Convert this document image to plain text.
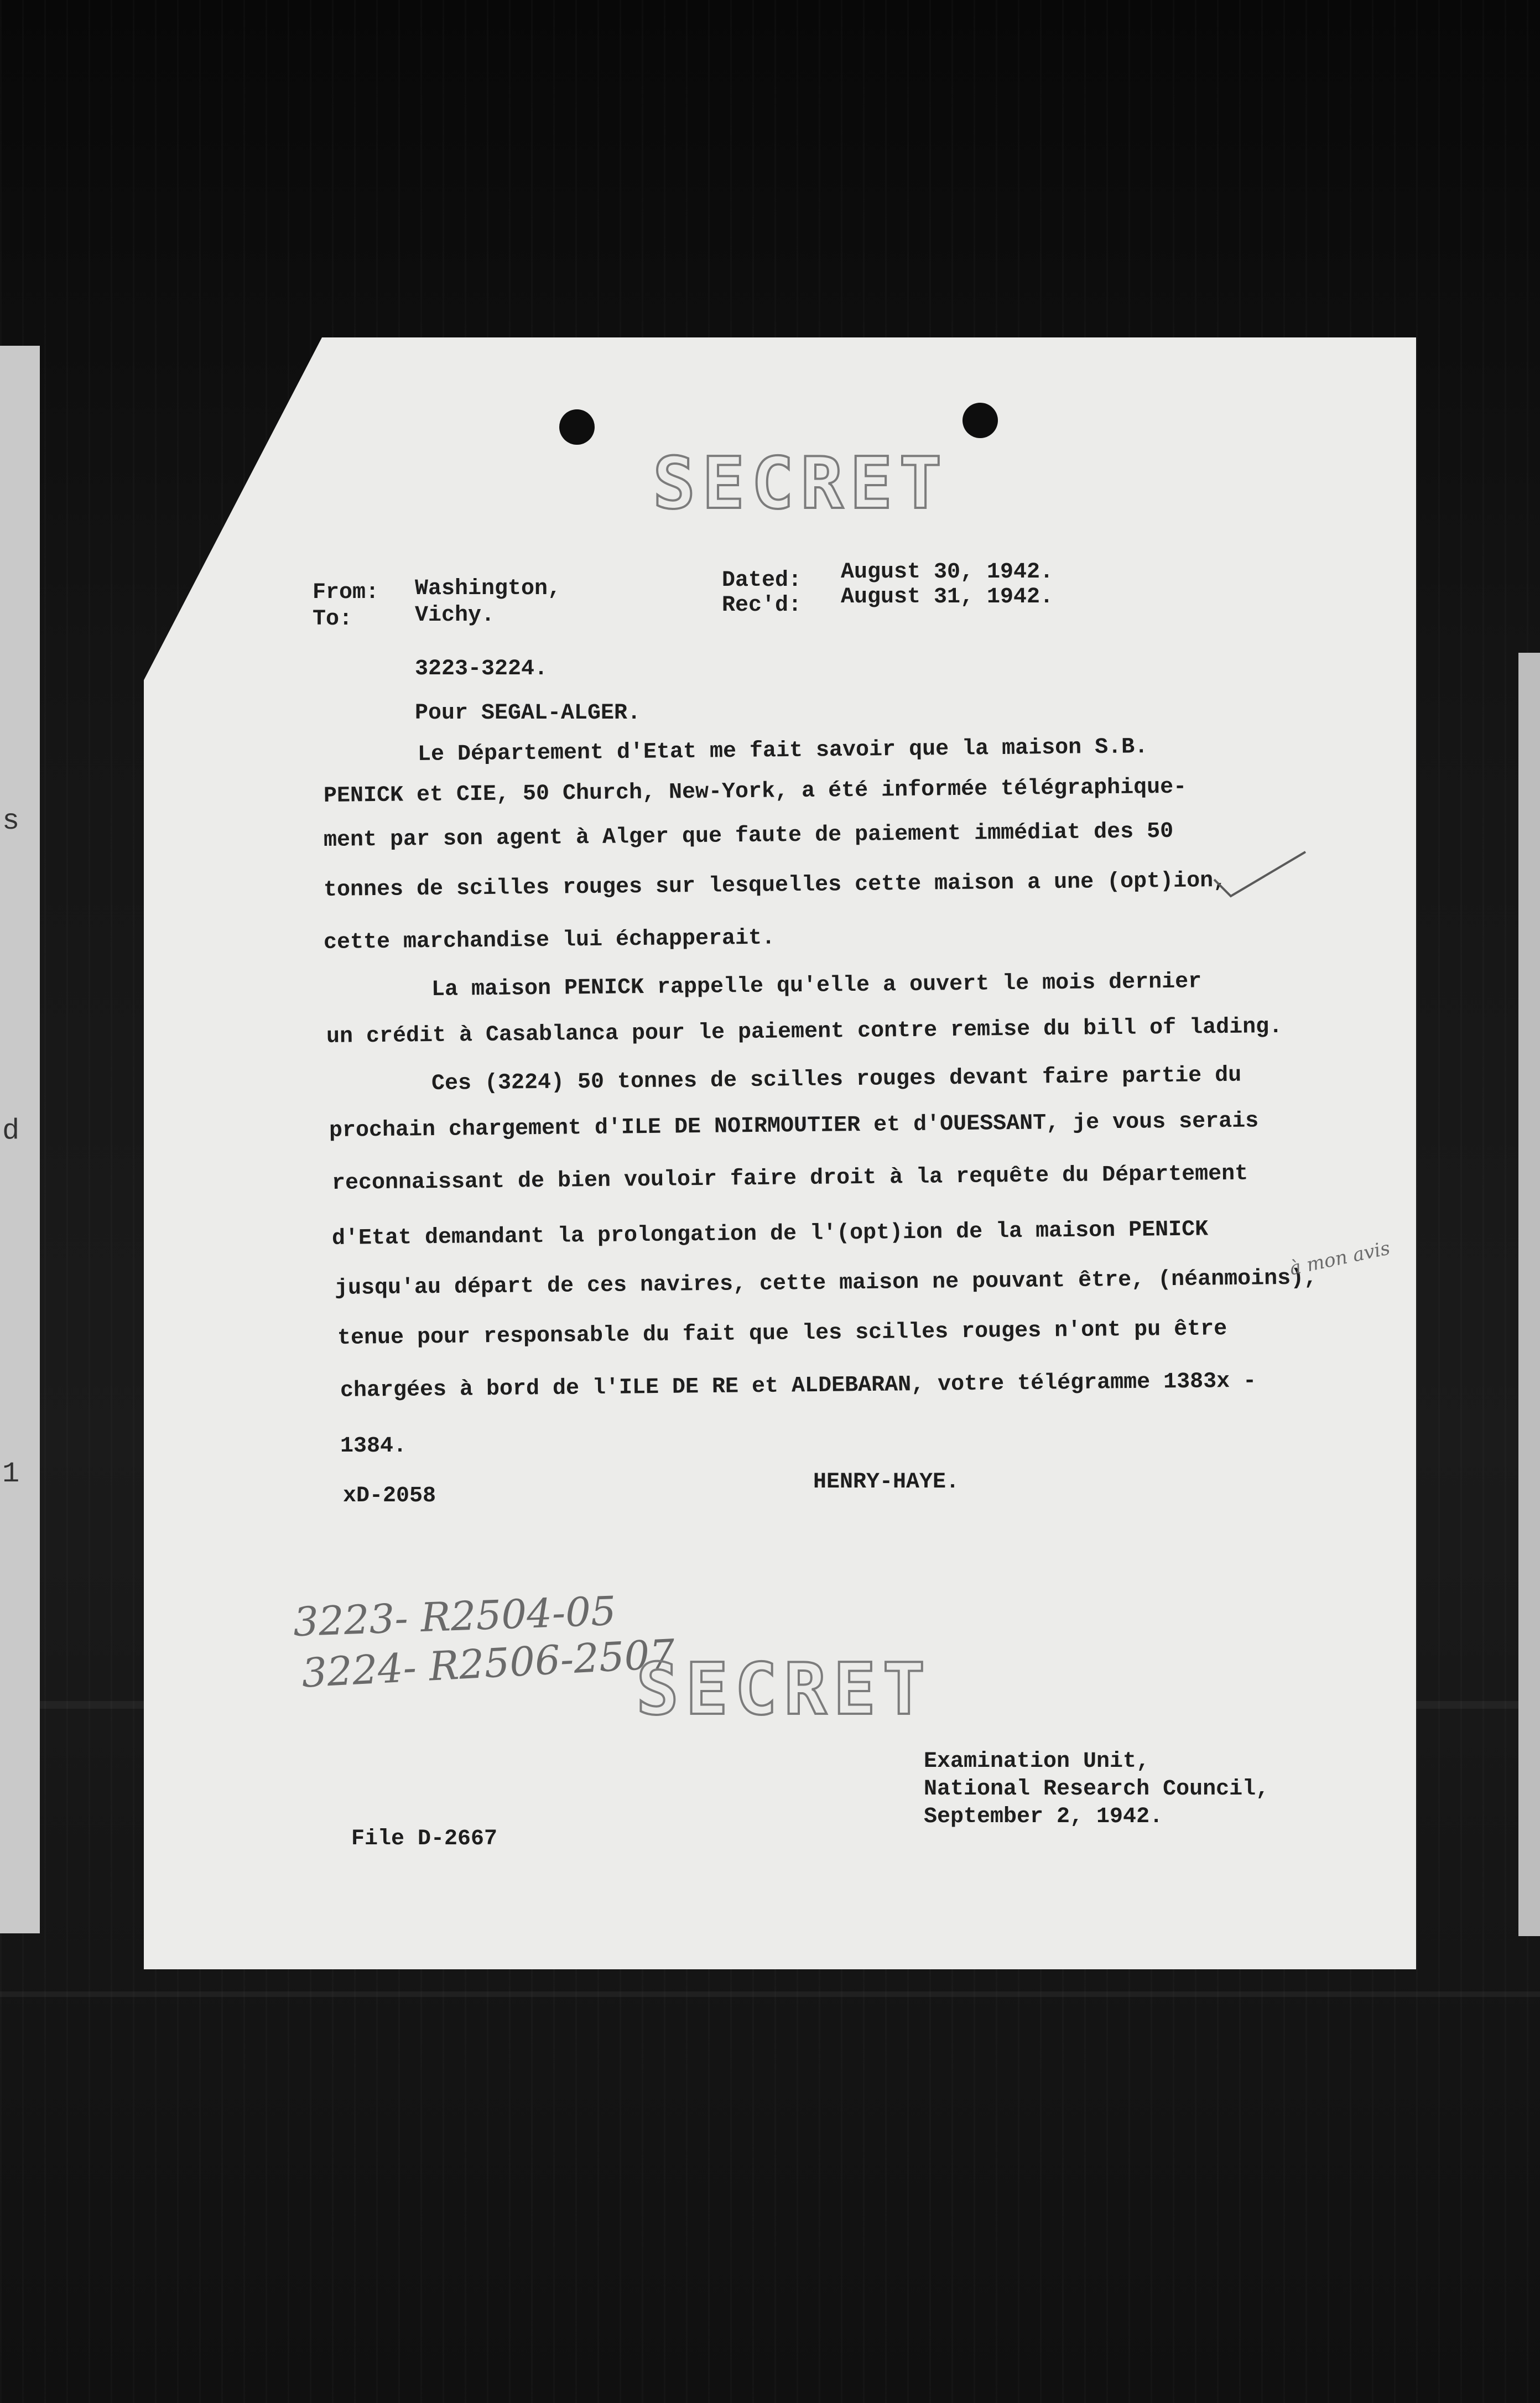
s
d
1
SECRET
From: Washington,
To:	Vichy.
Dated: August 30, 1942.
Rec'd: August 31, 1942.
3223-3224.
Pour SEGAL-ALGER.
Le Département d'Etat me fait savoir que la maison S.B.
PENICK et CIE, 50 Church, New-York, a été informée télégraphique-
ment par son agent à Alger que faute de paiement immédiat des 50
tonnes de scilles rouges sur lesquelles cette maison a une (opt)ion,
cette marchandise lui échapperait.
La maison PENICK rappelle qu'elle a ouvert le mois dernier
un crédit à Casablanca pour le paiement contre remise du bill of lading.
Ces (3224) 50 tonnes de scilles rouges devant faire partie du
prochain chargement d'ILE DE NOIRMOUTIER et d'OUESSANT, je vous serais
reconnaissant de bien vouloir faire droit à la requête du Département
d'Etat demandant la prolongation de l'(opt)ion de la maison PENICK
jusqu'au départ de ces navires, cette maison ne pouvant être, (néanmoins),
tenue pour responsable du fait que les scilles rouges n'ont pu être
chargées à bord de l'ILE DE RE et ALDEBARAN, votre télégramme 1383x -
1384.
à mon avis
HENRY-HAYE.
xD-2058
3223- R2504-05
3224- R2506-2507
SECRET
Examination Unit,
National Research Council,
September 2, 1942.
File D-2667
